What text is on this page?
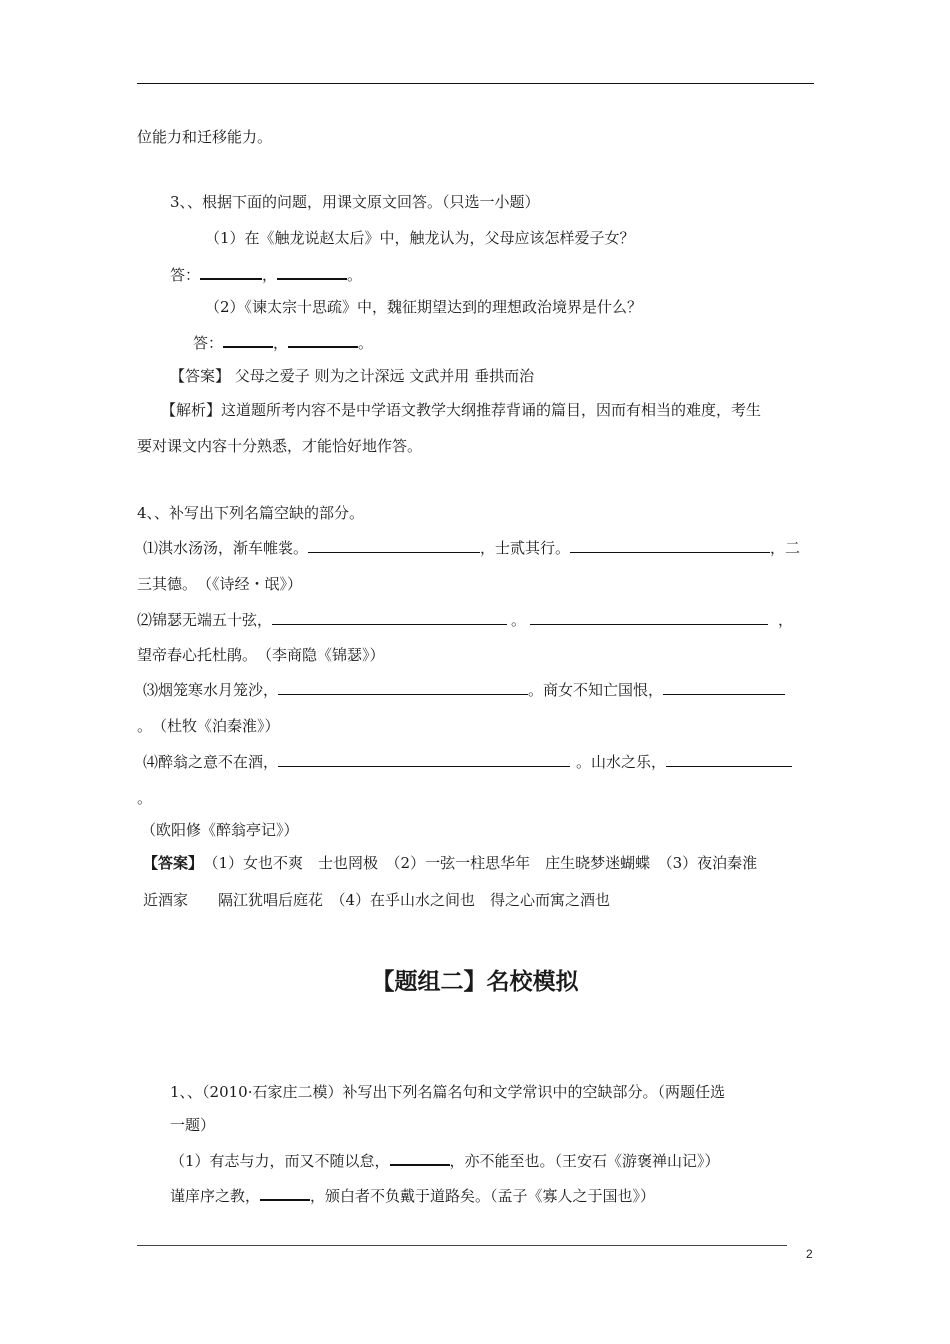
位能力和迁移能力。
3、、根据下面的问题，用课文原文回答。（只选一小题）
（1）在《触龙说赵太后》中，触龙认为，父母应该怎样爱子女？
答：	，	。
（2）《谏太宗十思疏》中，魏征期望达到的理想政治境界是什么？
答：	，	。
【答案】 父母之爱子 则为之计深远 文武并用 垂拱而治
【解析】这道题所考内容不是中学语文教学大纲推荐背诵的篇目，因而有相当的难度，考生
要对课文内容十分熟悉，才能恰好地作答。
4、、补写出下列名篇空缺的部分。
⑴淇水汤汤，渐车帷裳。	，士贰其行。	，二
三其德。　（《诗经・氓》）
⑵锦瑟无端五十弦，	。	，
望帝春心托杜鹃。　（李商隐《锦瑟》）
⑶烟笼寒水月笼沙，	。商女不知亡国恨，
。　（杜牧《泊秦淮》）
⑷醉翁之意不在酒，	。山水之乐，
。
（欧阳修《醉翁亭记》）
【答案】 （1）女也不爽　士也罔极　（2）一弦一柱思华年　庄生晓梦迷蝴蝶　（3）夜泊秦淮
近酒家　　隔江犹唱后庭花　（4）在乎山水之间也　得之心而寓之酒也
【题组二】名校模拟
1、、（2010·石家庄二模）补写出下列名篇名句和文学常识中的空缺部分。（两题任选
一题）
（1）有志与力，而又不随以怠，	，亦不能至也。（王安石《游褒禅山记》）
谨庠序之教，	，颁白者不负戴于道路矣。（孟子《寡人之于国也》）
2
